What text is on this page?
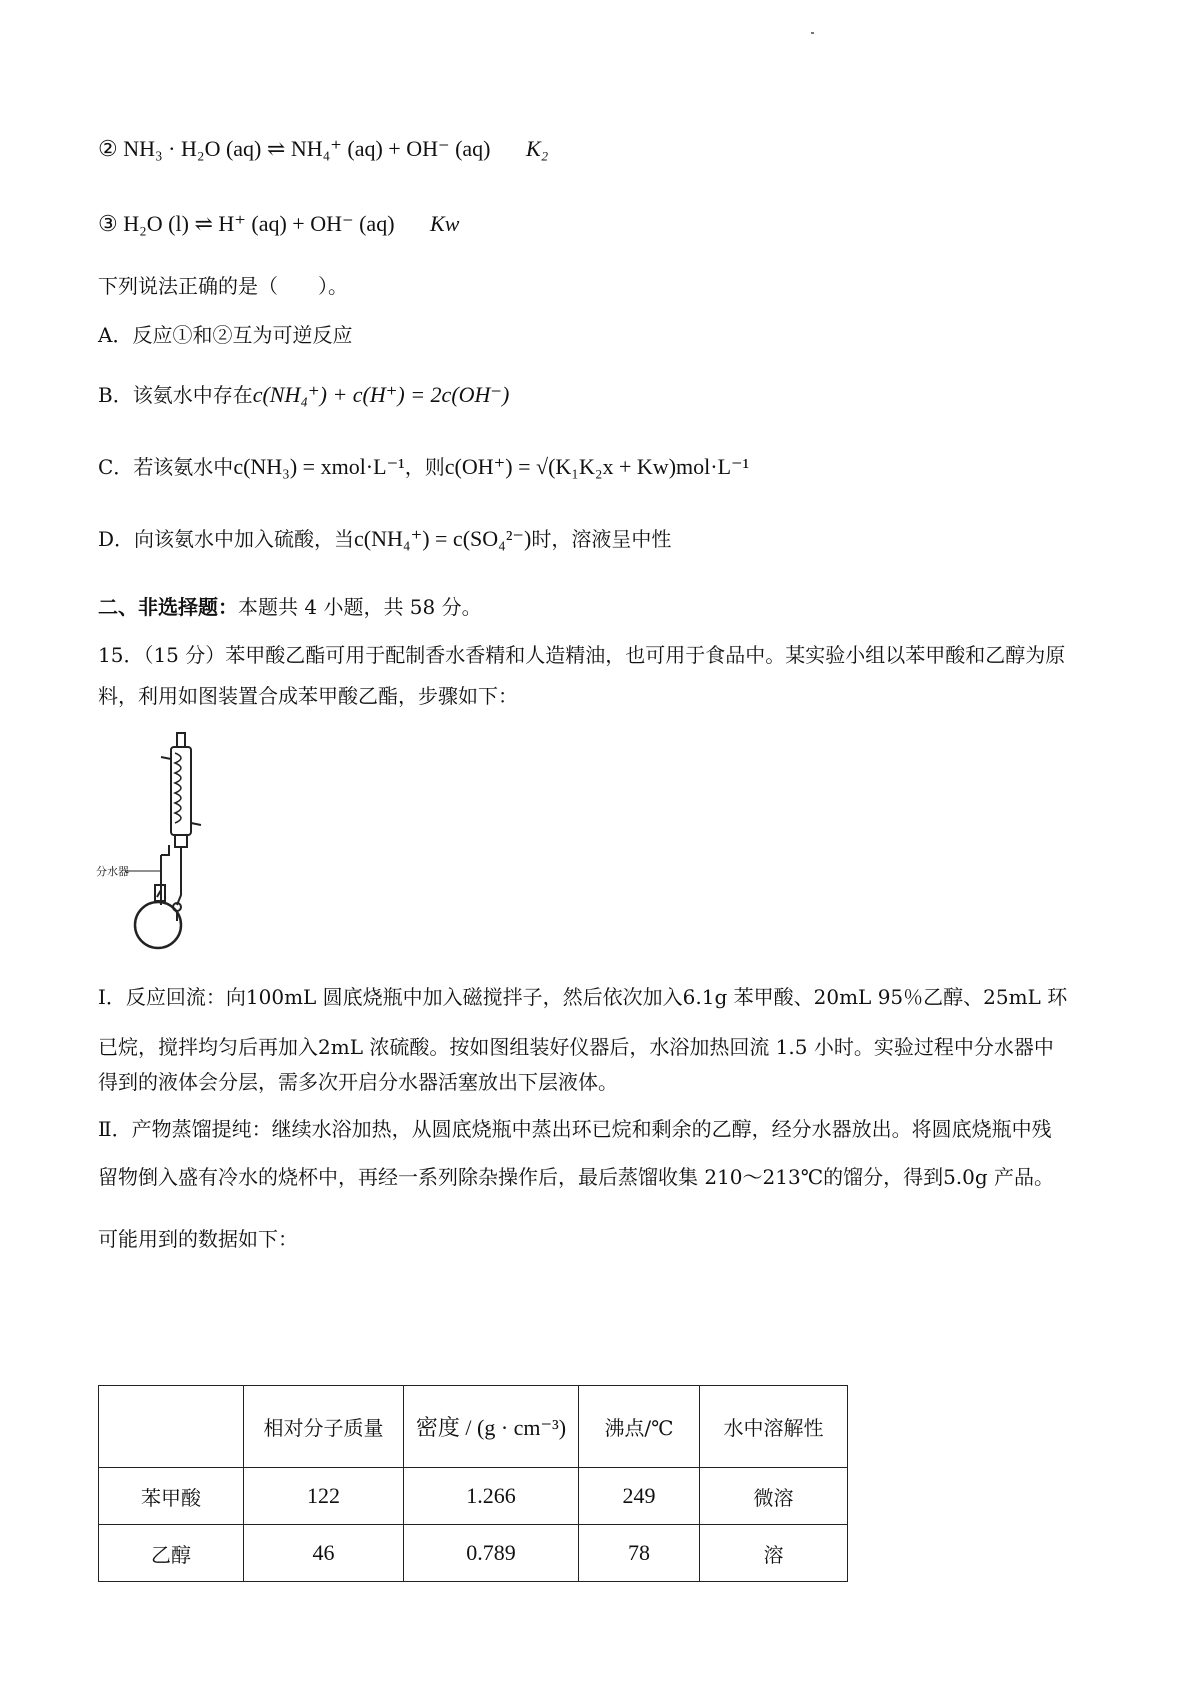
② NH₃ · H₂O (aq) ⇌ NH₄⁺ (aq) + OH⁻ (aq) K₂
③ H₂O (l) ⇌ H⁺ (aq) + OH⁻ (aq) Kw
下列说法正确的是（　　）。
A．反应①和②互为可逆反应
B．该氨水中存在c(NH₄⁺) + c(H⁺) = 2c(OH⁻)
C．若该氨水中c(NH₃) = xmol·L⁻¹，则c(OH⁺) = √(K₁K₂x + Kw)mol·L⁻¹
D．向该氨水中加入硫酸，当c(NH₄⁺) = c(SO₄²⁻)时，溶液呈中性
二、非选择题：本题共 4 小题，共 58 分。
15．（15 分）苯甲酸乙酯可用于配制香水香精和人造精油，也可用于食品中。某实验小组以苯甲酸和乙醇为原
料，利用如图装置合成苯甲酸乙酯，步骤如下：
分水器
Ⅰ．反应回流：向100mL 圆底烧瓶中加入磁搅拌子，然后依次加入6.1g 苯甲酸、20mL 95％乙醇、25mL 环
已烷，搅拌均匀后再加入2mL 浓硫酸。按如图组装好仪器后，水浴加热回流 1.5 小时。实验过程中分水器中
得到的液体会分层，需多次开启分水器活塞放出下层液体。
Ⅱ．产物蒸馏提纯：继续水浴加热，从圆底烧瓶中蒸出环已烷和剩余的乙醇，经分水器放出。将圆底烧瓶中残
留物倒入盛有冷水的烧杯中，再经一系列除杂操作后，最后蒸馏收集 210～213℃的馏分，得到5.0g 产品。
可能用到的数据如下：
	相对分子质量	密度 / (g · cm⁻³)	沸点/℃	水中溶解性
苯甲酸	122	1.266	249	微溶
乙醇	46	0.789	78	溶
